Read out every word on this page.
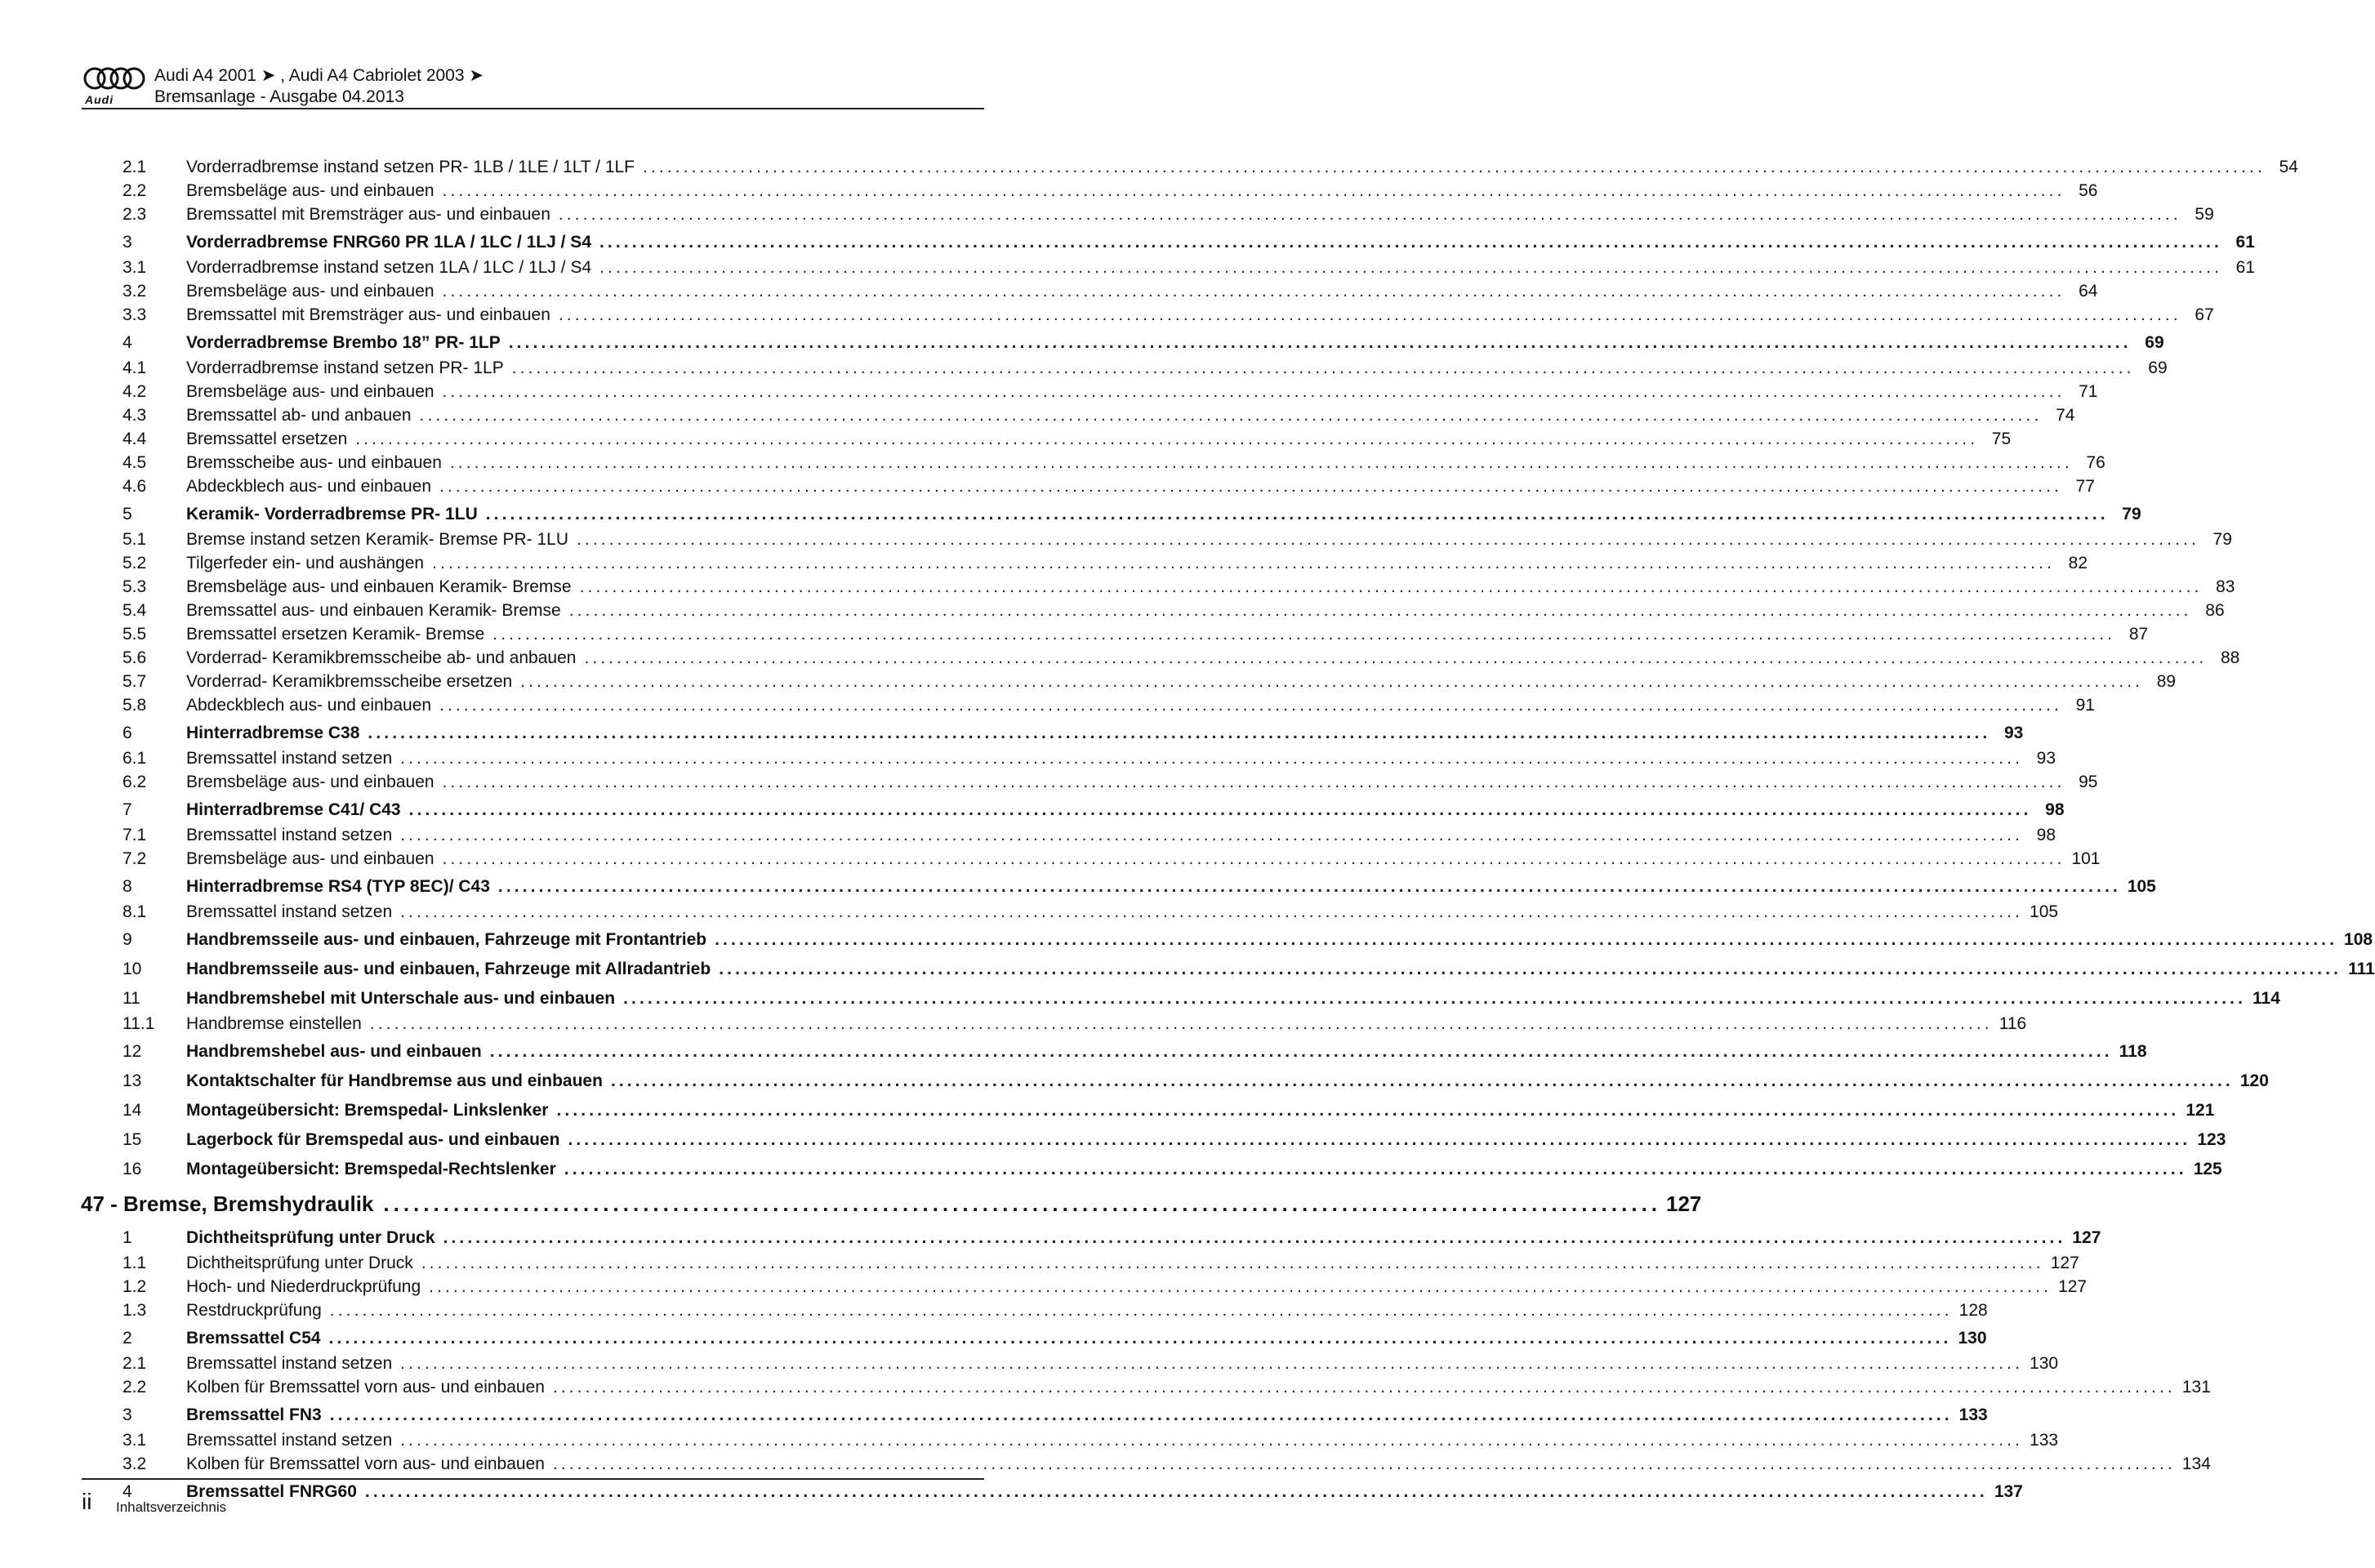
Audi
Audi A4 2001 ➤ , Audi A4 Cabriolet 2003 ➤
Bremsanlage - Ausgabe 04.2013
2.1	Vorderradbremse instand setzen PR- 1LB / 1LE / 1LT / 1LF ........................................................................................................................................................................................................ 54
2.2	Bremsbeläge aus- und einbauen ........................................................................................................................................................................................................ 56
2.3	Bremssattel mit Bremsträger aus- und einbauen ........................................................................................................................................................................................................ 59
3	Vorderradbremse FNRG60 PR 1LA / 1LC / 1LJ / S4 ........................................................................................................................................................................................................ 61
3.1	Vorderradbremse instand setzen 1LA / 1LC / 1LJ / S4 ........................................................................................................................................................................................................ 61
3.2	Bremsbeläge aus- und einbauen ........................................................................................................................................................................................................ 64
3.3	Bremssattel mit Bremsträger aus- und einbauen ........................................................................................................................................................................................................ 67
4	Vorderradbremse Brembo 18” PR- 1LP ........................................................................................................................................................................................................ 69
4.1	Vorderradbremse instand setzen PR- 1LP ........................................................................................................................................................................................................ 69
4.2	Bremsbeläge aus- und einbauen ........................................................................................................................................................................................................ 71
4.3	Bremssattel ab- und anbauen ........................................................................................................................................................................................................ 74
4.4	Bremssattel ersetzen ........................................................................................................................................................................................................ 75
4.5	Bremsscheibe aus- und einbauen ........................................................................................................................................................................................................ 76
4.6	Abdeckblech aus- und einbauen ........................................................................................................................................................................................................ 77
5	Keramik- Vorderradbremse PR- 1LU ........................................................................................................................................................................................................ 79
5.1	Bremse instand setzen Keramik- Bremse PR- 1LU ........................................................................................................................................................................................................ 79
5.2	Tilgerfeder ein- und aushängen ........................................................................................................................................................................................................ 82
5.3	Bremsbeläge aus- und einbauen Keramik- Bremse ........................................................................................................................................................................................................ 83
5.4	Bremssattel aus- und einbauen Keramik- Bremse ........................................................................................................................................................................................................ 86
5.5	Bremssattel ersetzen Keramik- Bremse ........................................................................................................................................................................................................ 87
5.6	Vorderrad- Keramikbremsscheibe ab- und anbauen ........................................................................................................................................................................................................ 88
5.7	Vorderrad- Keramikbremsscheibe ersetzen ........................................................................................................................................................................................................ 89
5.8	Abdeckblech aus- und einbauen ........................................................................................................................................................................................................ 91
6	Hinterradbremse C38 ........................................................................................................................................................................................................ 93
6.1	Bremssattel instand setzen ........................................................................................................................................................................................................ 93
6.2	Bremsbeläge aus- und einbauen ........................................................................................................................................................................................................ 95
7	Hinterradbremse C41/ C43 ........................................................................................................................................................................................................ 98
7.1	Bremssattel instand setzen ........................................................................................................................................................................................................ 98
7.2	Bremsbeläge aus- und einbauen ........................................................................................................................................................................................................ 101
8	Hinterradbremse RS4 (TYP 8EC)/ C43 ........................................................................................................................................................................................................ 105
8.1	Bremssattel instand setzen ........................................................................................................................................................................................................ 105
9	Handbremsseile aus- und einbauen, Fahrzeuge mit Frontantrieb ........................................................................................................................................................................................................ 108
10	Handbremsseile aus- und einbauen, Fahrzeuge mit Allradantrieb ........................................................................................................................................................................................................ 111
11	Handbremshebel mit Unterschale aus- und einbauen ........................................................................................................................................................................................................ 114
11.1	Handbremse einstellen ........................................................................................................................................................................................................ 116
12	Handbremshebel aus- und einbauen ........................................................................................................................................................................................................ 118
13	Kontaktschalter für Handbremse aus und einbauen ........................................................................................................................................................................................................ 120
14	Montageübersicht: Bremspedal- Linkslenker ........................................................................................................................................................................................................ 121
15	Lagerbock für Bremspedal aus- und einbauen ........................................................................................................................................................................................................ 123
16	Montageübersicht: Bremspedal-Rechtslenker ........................................................................................................................................................................................................ 125
47 - Bremse, Bremshydraulik ................................................................................................................................ 127
1	Dichtheitsprüfung unter Druck ........................................................................................................................................................................................................ 127
1.1	Dichtheitsprüfung unter Druck ........................................................................................................................................................................................................ 127
1.2	Hoch- und Niederdruckprüfung ........................................................................................................................................................................................................ 127
1.3	Restdruckprüfung ........................................................................................................................................................................................................ 128
2	Bremssattel C54 ........................................................................................................................................................................................................ 130
2.1	Bremssattel instand setzen ........................................................................................................................................................................................................ 130
2.2	Kolben für Bremssattel vorn aus- und einbauen ........................................................................................................................................................................................................ 131
3	Bremssattel FN3 ........................................................................................................................................................................................................ 133
3.1	Bremssattel instand setzen ........................................................................................................................................................................................................ 133
3.2	Kolben für Bremssattel vorn aus- und einbauen ........................................................................................................................................................................................................ 134
4	Bremssattel FNRG60 ........................................................................................................................................................................................................ 137
ii Inhaltsverzeichnis
